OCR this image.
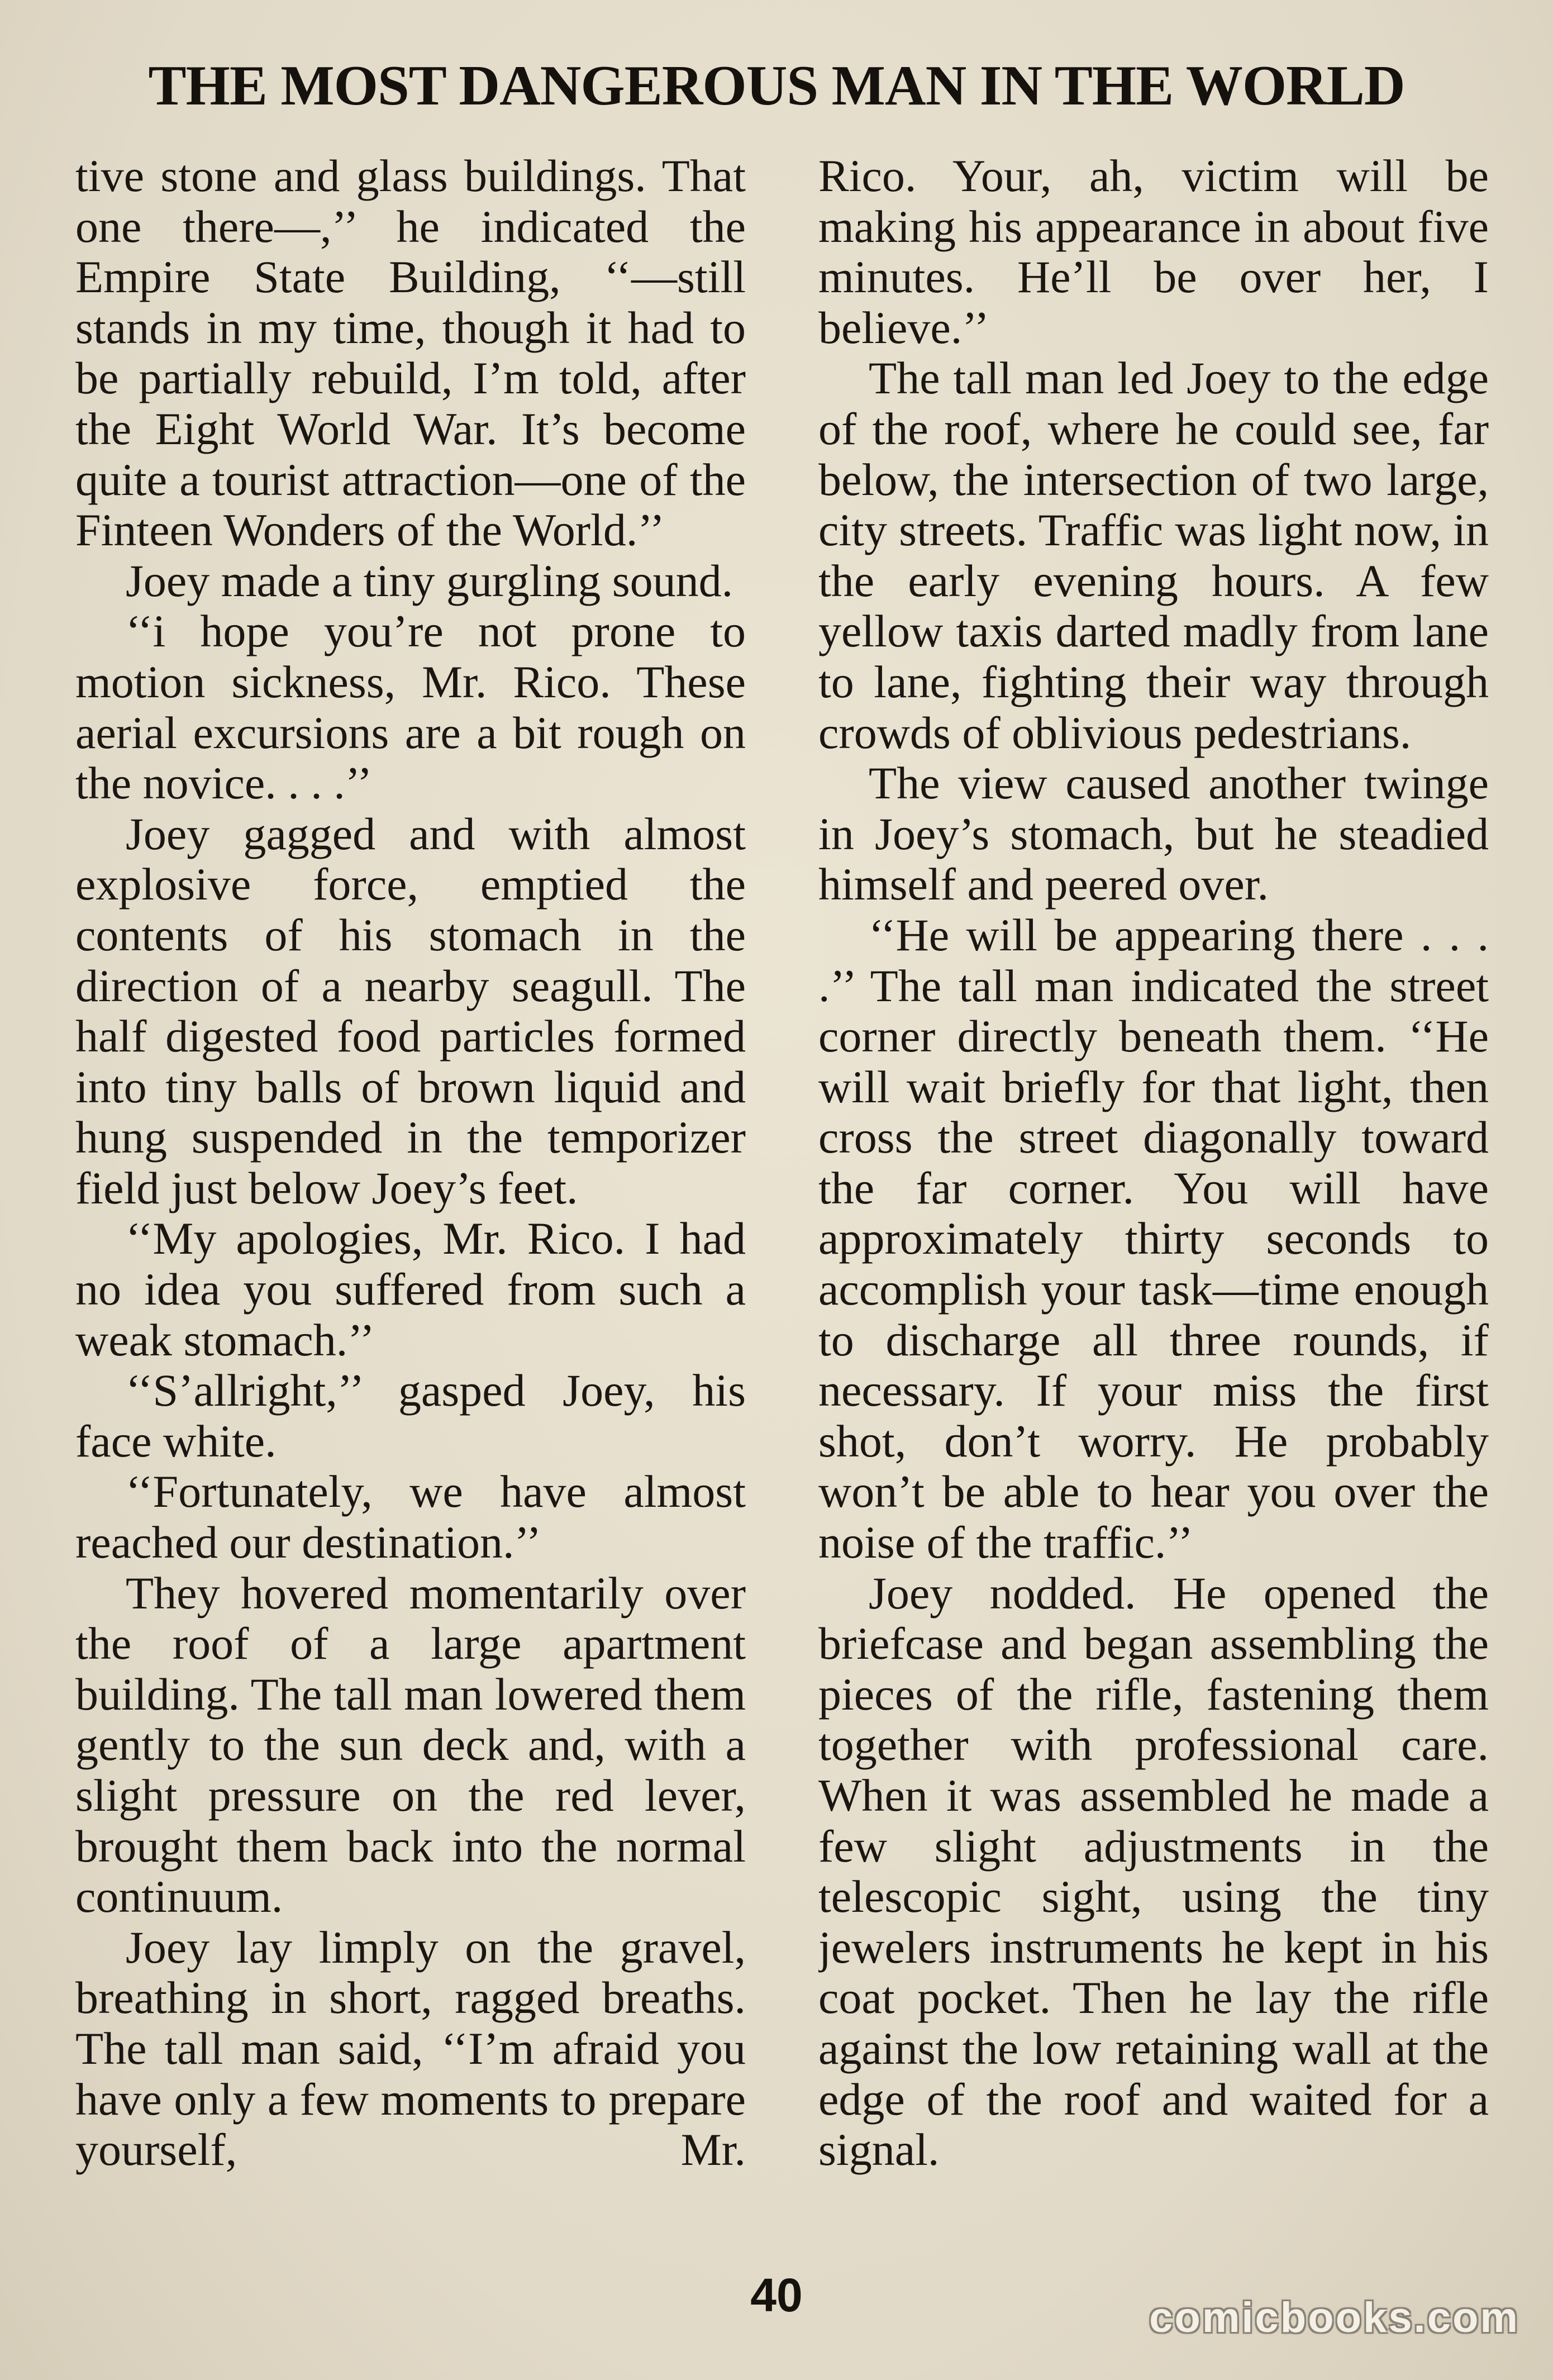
THE MOST DANGEROUS MAN IN THE WORLD

tive stone and glass buildings. That one there—,’’ he indicated the Empire State Building, ‘‘—still stands in my time, though it had to be partially rebuild, I’m told, after the Eight World War. It’s become quite a tourist attraction—one of the Finteen Wonders of the World.’’

Joey made a tiny gurgling sound.

‘‘i hope you’re not prone to motion sickness, Mr. Rico. These aerial excursions are a bit rough on the novice. . . .’’

Joey gagged and with almost explosive force, emptied the contents of his stomach in the direction of a nearby seagull. The half digested food particles formed into tiny balls of brown liquid and hung suspended in the temporizer field just below Joey’s feet.

‘‘My apologies, Mr. Rico. I had no idea you suffered from such a weak stomach.’’

‘‘S’allright,’’ gasped Joey, his face white.

‘‘Fortunately, we have almost reached our destination.’’

They hovered momentarily over the roof of a large apartment building. The tall man lowered them gently to the sun deck and, with a slight pressure on the red lever, brought them back into the normal continuum.

Joey lay limply on the gravel, breathing in short, ragged breaths. The tall man said, ‘‘I’m afraid you have only a few moments to prepare yourself, Mr.

Rico. Your, ah, victim will be making his appearance in about five minutes. He’ll be over her, I believe.’’

The tall man led Joey to the edge of the roof, where he could see, far below, the intersection of two large, city streets. Traffic was light now, in the early evening hours. A few yellow taxis darted madly from lane to lane, fighting their way through crowds of oblivious pedestrians.

The view caused another twinge in Joey’s stomach, but he steadied himself and peered over.

‘‘He will be appearing there . . . .’’ The tall man indicated the street corner directly beneath them. ‘‘He will wait briefly for that light, then cross the street diagonally toward the far corner. You will have approximately thirty seconds to accomplish your task—time enough to discharge all three rounds, if necessary. If your miss the first shot, don’t worry. He probably won’t be able to hear you over the noise of the traffic.’’

Joey nodded. He opened the briefcase and began assembling the pieces of the rifle, fastening them together with professional care. When it was assembled he made a few slight adjustments in the telescopic sight, using the tiny jewelers instruments he kept in his coat pocket. Then he lay the rifle against the low retaining wall at the edge of the roof and waited for a signal.

40	comicbooks.com
